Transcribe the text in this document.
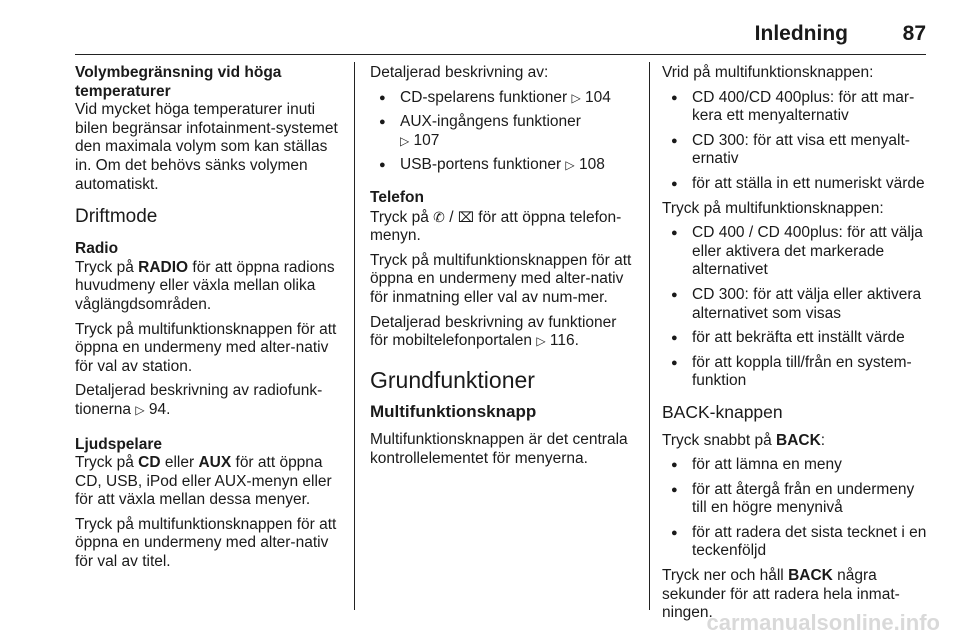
Inledning	87

Volymbegränsning vid höga temperaturer

Vid mycket höga temperaturer inuti bilen begränsar infotainment-systemet den maximala volym som kan ställas in. Om det behövs sänks volymen automatiskt.

Driftmode

Radio

Tryck på RADIO för att öppna radions huvudmeny eller växla mellan olika våglängdsområden.

Tryck på multifunktionsknappen för att öppna en undermeny med alter-nativ för val av station.

Detaljerad beskrivning av radiofunk-tionerna ▷ 94.

Ljudspelare

Tryck på CD eller AUX för att öppna CD, USB, iPod eller AUX-menyn eller för att växla mellan dessa menyer.

Tryck på multifunktionsknappen för att öppna en undermeny med alter-nativ för val av titel.

Detaljerad beskrivning av:

● CD-spelarens funktioner ▷ 104
● AUX-ingångens funktioner
▷ 107
● USB-portens funktioner ▷ 108

Telefon

Tryck på ✆ / ⌧ för att öppna telefon-menyn.

Tryck på multifunktionsknappen för att öppna en undermeny med alter-nativ för inmatning eller val av num-mer.

Detaljerad beskrivning av funktioner för mobiltelefonportalen ▷ 116.

Grundfunktioner
Multifunktionsknapp

Multifunktionsknappen är det centrala kontrollelementet för menyerna.

Vrid på multifunktionsknappen:

● CD 400/CD 400plus: för att mar-kera ett menyalternativ
● CD 300: för att visa ett menyalt-ernativ
● för att ställa in ett numeriskt värde

Tryck på multifunktionsknappen:

● CD 400 / CD 400plus: för att välja eller aktivera det markerade alternativet
● CD 300: för att välja eller aktivera alternativet som visas
● för att bekräfta ett inställt värde
● för att koppla till/från en system-funktion
BACK-knappen

Tryck snabbt på BACK:

● för att lämna en meny
● för att återgå från en undermeny till en högre menynivå
● för att radera det sista tecknet i en teckenföljd

Tryck ner och håll BACK några sekunder för att radera hela inmat-ningen.

carmanualsonline.info
